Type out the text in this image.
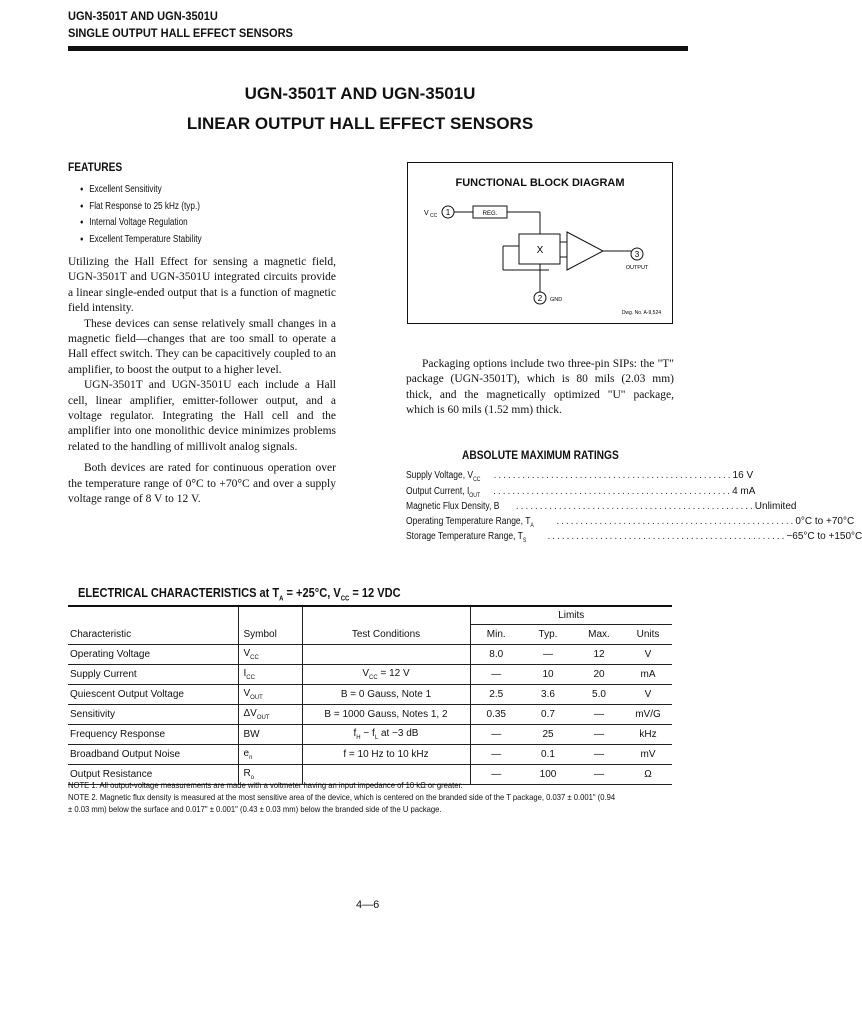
UGN-3501T AND UGN-3501U
SINGLE OUTPUT HALL EFFECT SENSORS
UGN-3501T AND UGN-3501U
LINEAR OUTPUT HALL EFFECT SENSORS
FEATURES
● Excellent Sensitivity
● Flat Response to 25 kHz (typ.)
● Internal Voltage Regulation
● Excellent Temperature Stability

Utilizing the Hall Effect for sensing a magnetic field, UGN-3501T and UGN-3501U integrated circuits provide a linear single-ended output that is a function of magnetic field intensity.

These devices can sense relatively small changes in a magnetic field—changes that are too small to operate a Hall effect switch. They can be capacitively coupled to an amplifier, to boost the output to a higher level.

UGN-3501T and UGN-3501U each include a Hall cell, linear amplifier, emitter-follower output, and a voltage regulator. Integrating the Hall cell and the amplifier into one monolithic device minimizes problems related to the handling of millivolt analog signals.

Both devices are rated for continuous operation over the temperature range of 0°C to +70°C and over a supply voltage range of 8 V to 12 V.

FUNCTIONAL BLOCK DIAGRAM
V CC 1	REG.
X	3
OUTPUT
2 GND
Dwg. No. A-9,524

Packaging options include two three-pin SIPs: the "T" package (UGN-3501T), which is 80 mils (2.03 mm) thick, and the magnetically optimized "U" package, which is 60 mils (1.52 mm) thick.

ABSOLUTE MAXIMUM RATINGS
Supply Voltage, $V_{CC}$ .................................................. 16 V
Output Current, $I_{OUT}$ .................................................. 4 mA
Magnetic Flux Density, B .................................................. Unlimited
Operating Temperature Range, $T_A$ .................................................. 0°C to +70°C
Storage Temperature Range, $T_S$ .................................................. −65°C to +150°C
ELECTRICAL CHARACTERISTICS at $T_A = +25^\circ C$, $V_{CC} = 12$ VDC
			Limits			
Characteristic	Symbol	Test Conditions	Min.	Typ.	Max.	Units
Operating Voltage	$V_{CC}$		8.0	—	12	V
Supply Current	$I_{CC}$	$V_{CC} = 12$ V	—	10	20	mA
Quiescent Output Voltage	$V_{OUT}$	B = 0 Gauss, Note 1	2.5	3.6	5.0	V
Sensitivity	$\Delta V_{OUT}$	B = 1000 Gauss, Notes 1, 2	0.35	0.7	—	mV/G
Frequency Response	BW	$f_H - f_L$ at −3 dB	—	25	—	kHz
Broadband Output Noise	$e_n$	f = 10 Hz to 10 kHz	—	0.1	—	mV
Output Resistance	$R_o$		—	100	—	Ω
NOTE 1. All output-voltage measurements are made with a voltmeter having an input impedance of 10 kΩ or greater.
NOTE 2. Magnetic flux density is measured at the most sensitive area of the device, which is centered on the branded side of the T package, 0.037 ± 0.001" (0.94 ± 0.03 mm) below the surface and 0.017" ± 0.001" (0.43 ± 0.03 mm) below the branded side of the U package.
4—6
